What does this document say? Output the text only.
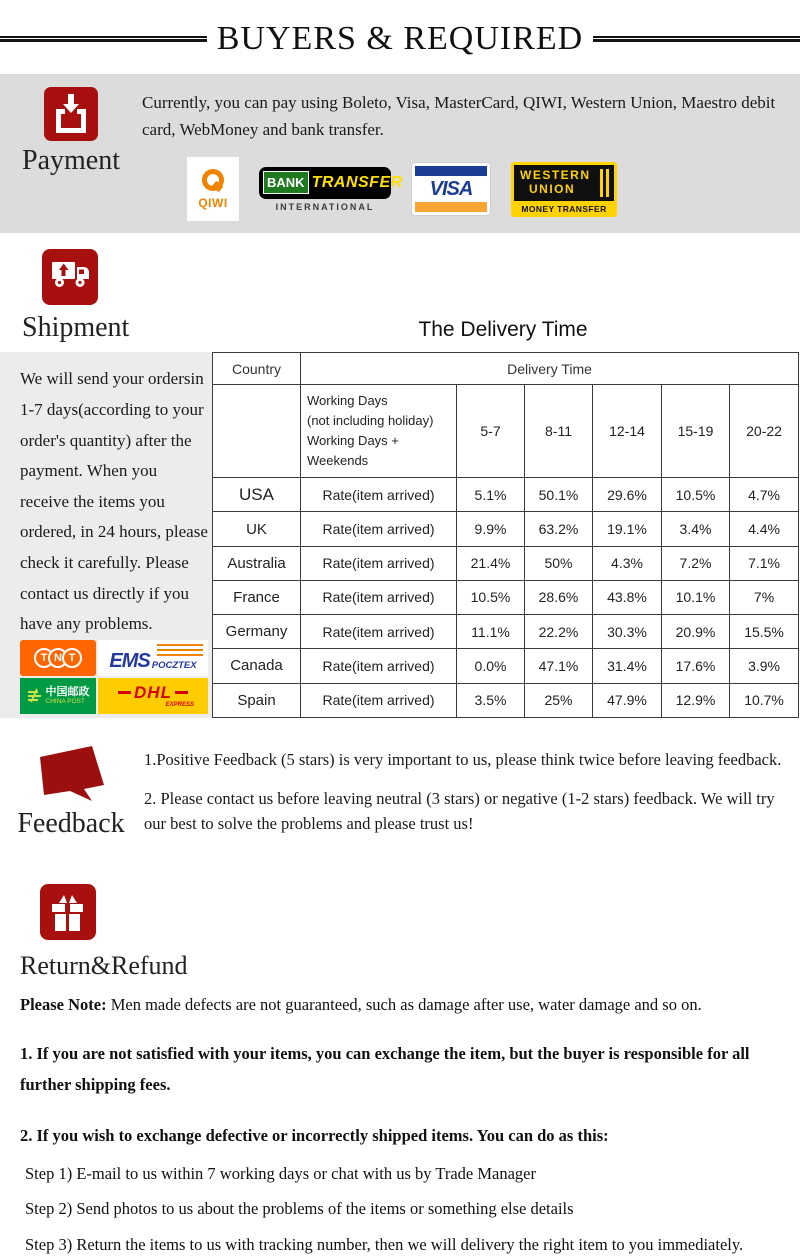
BUYERS & REQUIRED
Payment

Currently, you can pay using Boleto, Visa, MasterCard, QIWI, Western Union, Maestro debit card, WebMoney and bank transfer.

QIWI
BANK TRANSFER
INTERNATIONAL
VISA
WESTERN
UNION
MONEY TRANSFER
Shipment	The Delivery Time

We will send your ordersin 1-7 days(according to your order's quantity) after the payment. When you receive the items you ordered, in 24 hours, please check it carefully. Please contact us directly if you have any problems.

T N T	EMS POCZTEX
中国邮政
CHINA POST	DHL
EXPRESS
Country	Delivery Time					

	Working Days
(not including holiday)
Working Days + Weekends	5-7	8-11	12-14	15-19	20-22
USA	Rate(item arrived)	5.1%	50.1%	29.6%	10.5%	4.7%
UK	Rate(item arrived)	9.9%	63.2%	19.1%	3.4%	4.4%
Australia	Rate(item arrived)	21.4%	50%	4.3%	7.2%	7.1%
France	Rate(item arrived)	10.5%	28.6%	43.8%	10.1%	7%
Germany	Rate(item arrived)	11.1%	22.2%	30.3%	20.9%	15.5%
Canada	Rate(item arrived)	0.0%	47.1%	31.4%	17.6%	3.9%
Spain	Rate(item arrived)	3.5%	25%	47.9%	12.9%	10.7%
Feedback

1.Positive Feedback (5 stars) is very important to us, please think twice before leaving feedback.

2. Please contact us before leaving neutral (3 stars) or negative (1-2 stars) feedback. We will try our best to solve the problems and please trust us!

Return&Refund

Please Note: Men made defects are not guaranteed, such as damage after use, water damage and so on.

1. If you are not satisfied with your items, you can exchange the item, but the buyer is responsible for all further shipping fees.

2. If you wish to exchange defective or incorrectly shipped items. You can do as this:

Step 1) E-mail to us within 7 working days or chat with us by Trade Manager

Step 2) Send photos to us about the problems of the items or something else details

Step 3) Return the items to us with tracking number, then we will delivery the right item to you immediately.
